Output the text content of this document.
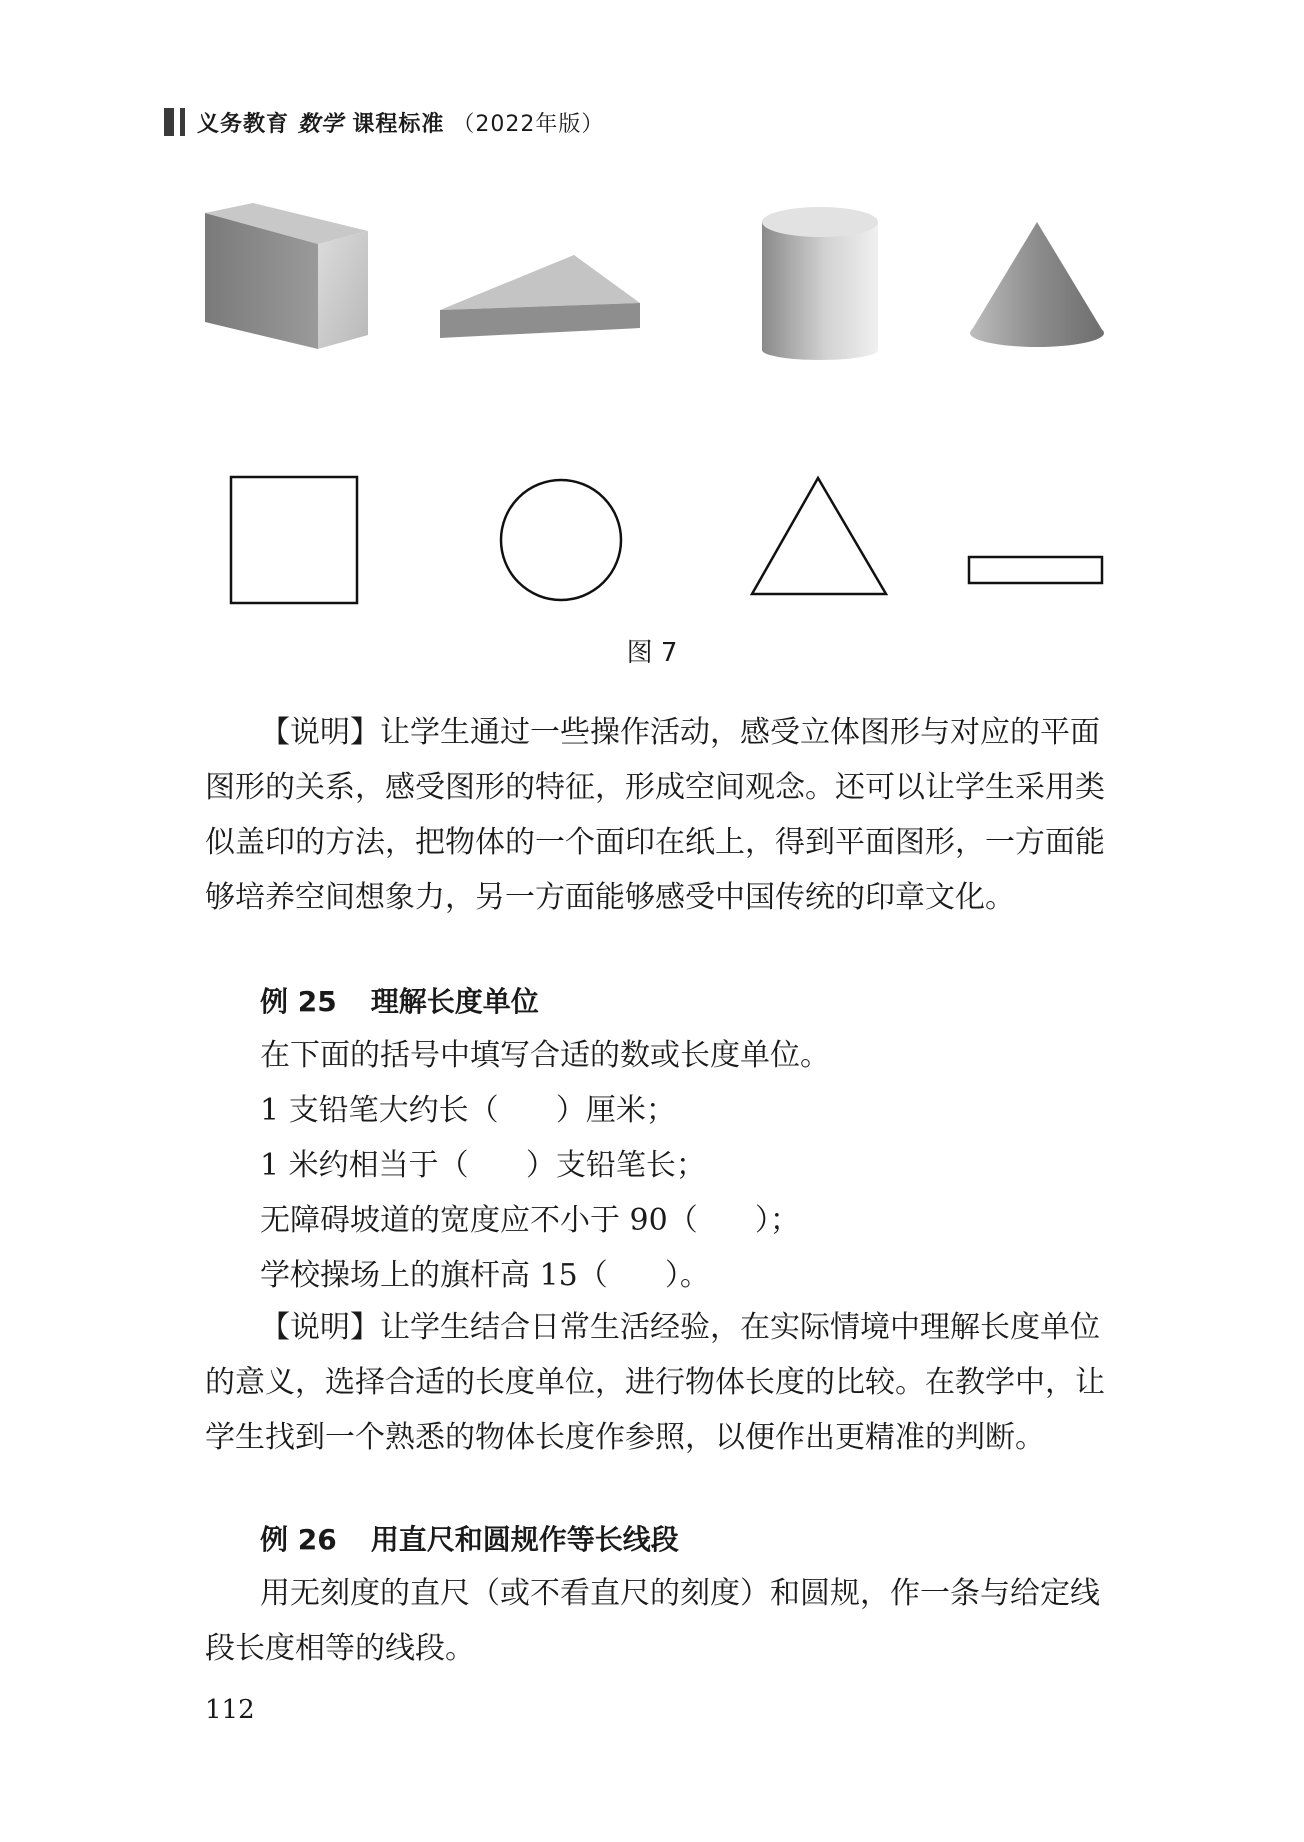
义务教育 数学 课程标准 （2022年版）
图 7

【说明】让学生通过一些操作活动，感受立体图形与对应的平面图形的关系，感受图形的特征，形成空间观念。还可以让学生采用类似盖印的方法，把物体的一个面印在纸上，得到平面图形，一方面能够培养空间想象力，另一方面能够感受中国传统的印章文化。

例 25 理解长度单位
在下面的括号中填写合适的数或长度单位。
1 支铅笔大约长（      ）厘米；
1 米约相当于（      ）支铅笔长；
无障碍坡道的宽度应不小于 90（      ）；
学校操场上的旗杆高 15（      ）。

【说明】让学生结合日常生活经验，在实际情境中理解长度单位的意义，选择合适的长度单位，进行物体长度的比较。在教学中，让学生找到一个熟悉的物体长度作参照，以便作出更精准的判断。

例 26 用直尺和圆规作等长线段

用无刻度的直尺（或不看直尺的刻度）和圆规，作一条与给定线段长度相等的线段。

112
